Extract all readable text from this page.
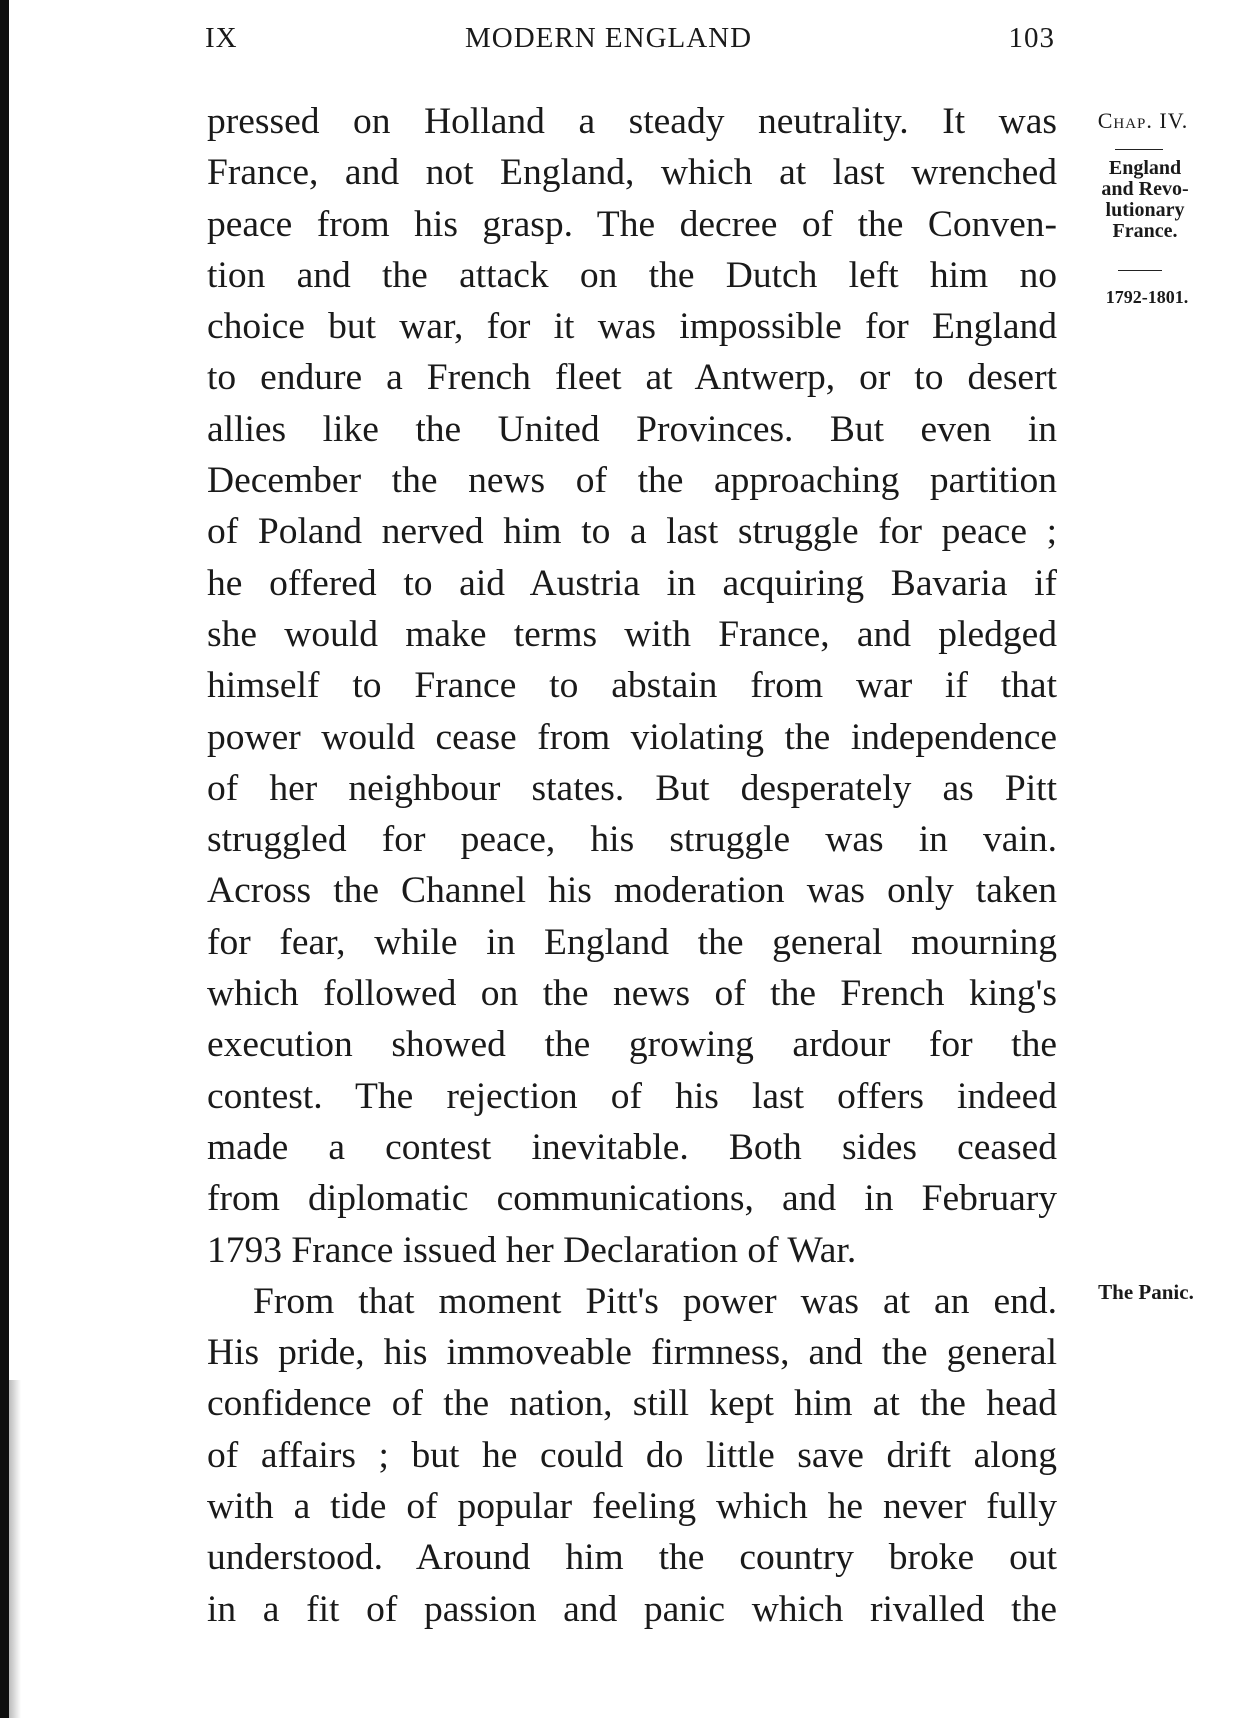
IX	MODERN ENGLAND	103
pressed on Holland a steady neutrality. It was
France, and not England, which at last wrenched
peace from his grasp. The decree of the Conven-
tion and the attack on the Dutch left him no
choice but war, for it was impossible for England
to endure a French fleet at Antwerp, or to desert
allies like the United Provinces. But even in
December the news of the approaching partition
of Poland nerved him to a last struggle for peace ;
he offered to aid Austria in acquiring Bavaria if
she would make terms with France, and pledged
himself to France to abstain from war if that
power would cease from violating the independence
of her neighbour states. But desperately as Pitt
struggled for peace, his struggle was in vain.
Across the Channel his moderation was only taken
for fear, while in England the general mourning
which followed on the news of the French king's
execution showed the growing ardour for the
contest. The rejection of his last offers indeed
made a contest inevitable. Both sides ceased
from diplomatic communications, and in February
1793 France issued her Declaration of War.
From that moment Pitt's power was at an end.
His pride, his immoveable firmness, and the general
confidence of the nation, still kept him at the head
of affairs ; but he could do little save drift along
with a tide of popular feeling which he never fully
understood. Around him the country broke out
in a fit of passion and panic which rivalled the
Chap. IV.
England
and Revo-
lutionary
France.
1792-1801.
The Panic.
